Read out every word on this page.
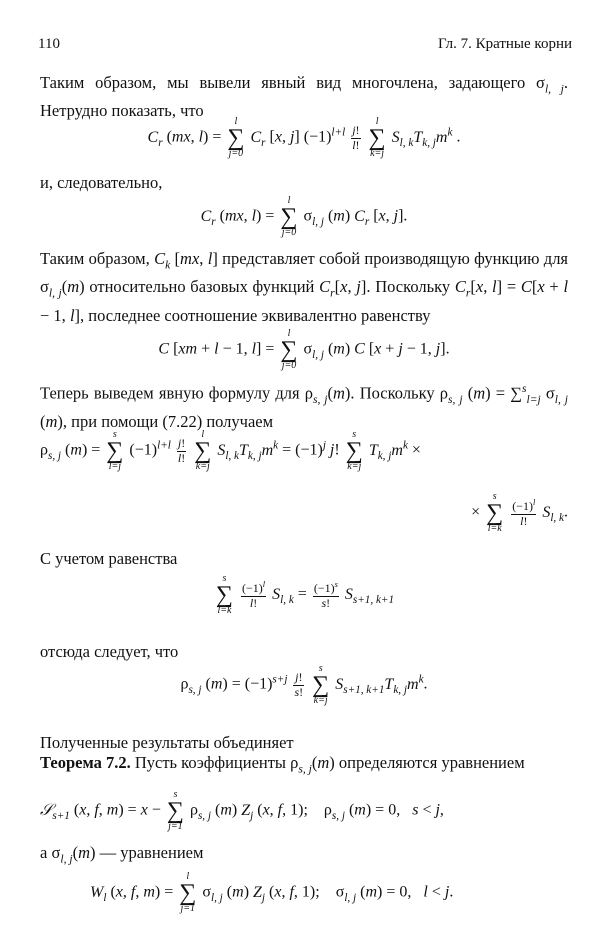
110	Гл. 7. Кратные корни
Таким образом, мы вывели явный вид многочлена, задающего $\sigma_{l, j}$. Нетрудно показать, что
$C_r$ (mx, l) =
l
∑
j=0
$C_r$ [x, j] $(-1)^{l+l} \frac{j!}{l!}$

l
∑
k=j
$S_{l, k}T_{k, j}m^k$ .
и, следовательно,
$C_r$ (mx, l) =
l
∑
j=0
$\sigma_{l, j}$ (m) $C_r$ [x, j].
Таким образом, $C_k$ [mx, l] представляет собой производящую функцию для $\sigma_{l, j}(m)$ относительно базовых функций $C_r[x$, j]. Поскольку $C_r[x$, l] = C[x + l − 1, l], последнее соотношение эквивалентно равенству
C [xm + l − 1, l] =
l
∑
j=0
$\sigma_{l, j}$ (m) C [x + j − 1, j].
Теперь выведем явную формулу для $\rho_{s, j}(m)$. Поскольку $\rho_{s, j}$ (m) = ∑$^s_{l=j}$ $\sigma_{l, j}$ (m), при помощи (7.22) получаем
$\rho_{s, j}$ (m) =
s
∑
l=j
$(-1)^{l+l} \frac{j!}{l!}$

l
∑
k=j
$S_{l, k}T_{k, j}m^k = (-1)^j$ j!
s
∑
k=j
$T_{k, j}m^k$ ×
×
s
∑
l=k

$\frac{(-1)^l}{l!} S_{l, k}$.
С учетом равенства
s
∑
l=k

$\frac{(-1)^l}{l!} S_{l, k} = \frac{(-1)^s}{s!} S_{s+1, k+1}$
отсюда следует, что
$\rho_{s, j}$ $(m) = (-1)^{s+j} \frac{j!}{s!}$

s
∑
k=j
$S_{s+1, k+1}T_{k, j}m^k$.
Полученные результаты объединяет
Теорема 7.2. Пусть коэффициенты $\rho_{s, j}(m)$ определяются уравнением
𝒮$_{s+1}$ (x, f, m) = x −
s
∑
j=1
$\rho_{s, j}$ (m) $Z_j$ (x, f, 1);    $\rho_{s, j}$ (m) = 0,   s < j,
а $\sigma_{l, j}(m)$ — уравнением
$W_l$ (x, f, m) =
l
∑
j=1
$\sigma_{l, j}$ (m) $Z_j$ (x, f, 1);    $\sigma_{l, j}$ (m) = 0,   l < j.
